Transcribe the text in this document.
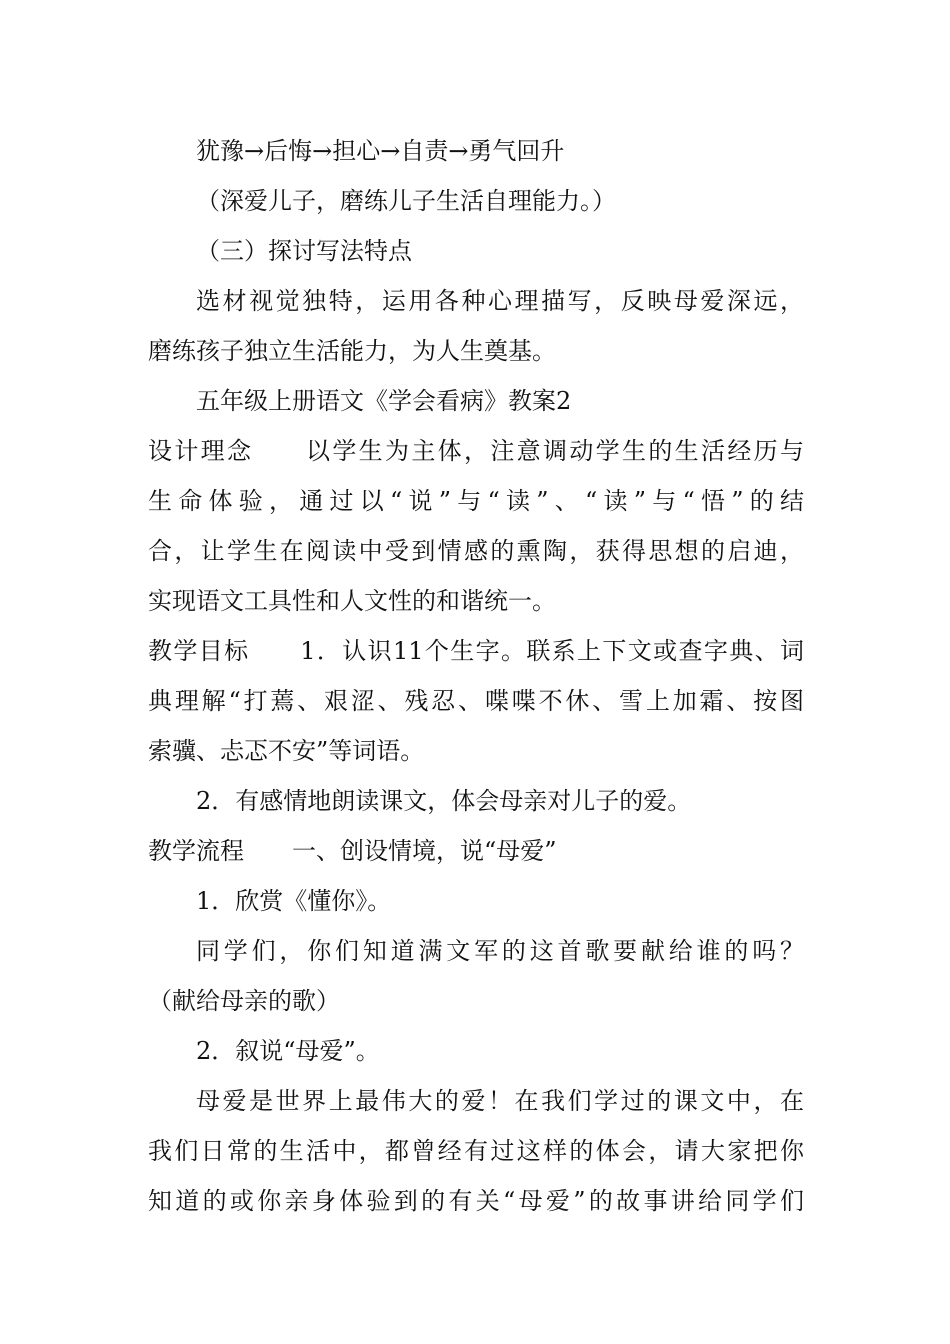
犹豫→后悔→担心→自责→勇气回升
（深爱儿子，磨练儿子生活自理能力。）
（三）探讨写法特点
选材视觉独特，运用各种心理描写，反映母爱深远，
磨练孩子独立生活能力，为人生奠基。
五年级上册语文《学会看病》教案2
设计理念　　以学生为主体，注意调动学生的生活经历与
生命体验，通过以“说”与“读”、“读”与“悟”的结
合，让学生在阅读中受到情感的熏陶，获得思想的启迪，
实现语文工具性和人文性的和谐统一。
教学目标　　1．认识11个生字。联系上下文或查字典、词
典理解“打蔫、艰涩、残忍、喋喋不休、雪上加霜、按图
索骥、忐忑不安”等词语。
2．有感情地朗读课文，体会母亲对儿子的爱。
教学流程　　一、创设情境，说“母爱”
1．欣赏《懂你》。
同学们，你们知道满文军的这首歌要献给谁的吗？
（献给母亲的歌）
2．叙说“母爱”。
母爱是世界上最伟大的爱！在我们学过的课文中，在
我们日常的生活中，都曾经有过这样的体会，请大家把你
知道的或你亲身体验到的有关“母爱”的故事讲给同学们
